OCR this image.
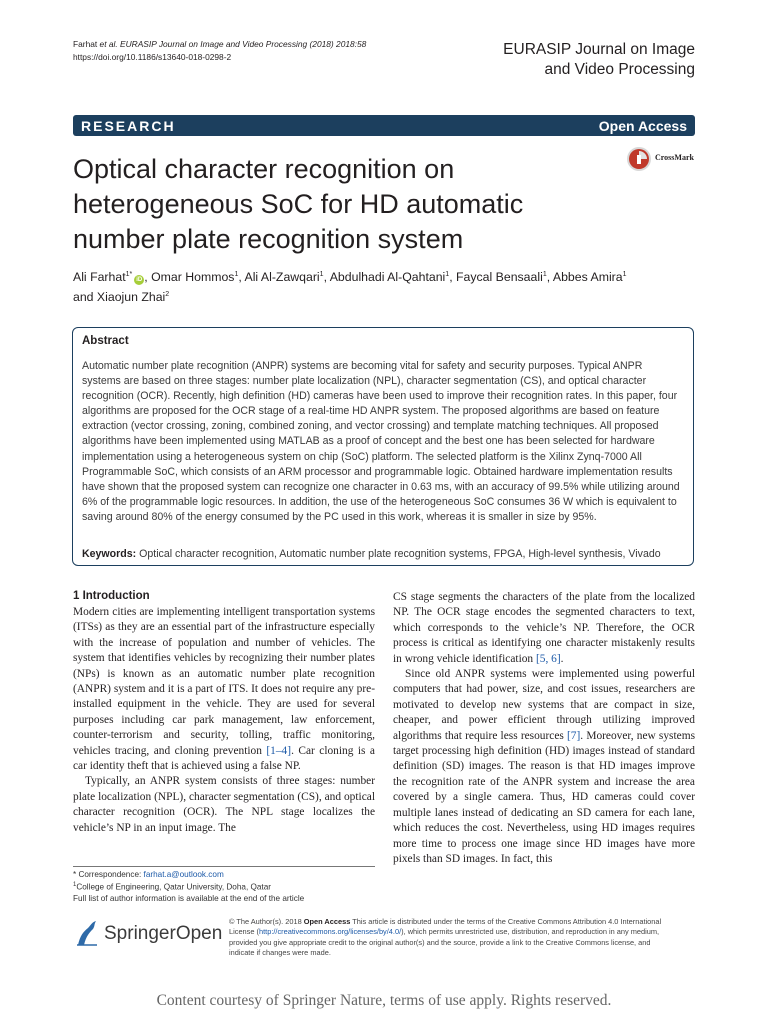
Farhat et al. EURASIP Journal on Image and Video Processing (2018) 2018:58
https://doi.org/10.1186/s13640-018-0298-2	EURASIP Journal on Image
and Video Processing
RESEARCH	Open Access
Optical character recognition on heterogeneous SoC for HD automatic number plate recognition system
CrossMark
Ali Farhat$^{1*}$iD , Omar Hommos$^1$, Ali Al-Zawqari$^1$, Abdulhadi Al-Qahtani$^1$, Faycal Bensaali$^1$, Abbes Amira$^1$
and Xiaojun Zhai$^2$
Abstract
Automatic number plate recognition (ANPR) systems are becoming vital for safety and security purposes. Typical ANPR systems are based on three stages: number plate localization (NPL), character segmentation (CS), and optical character recognition (OCR). Recently, high definition (HD) cameras have been used to improve their recognition rates. In this paper, four algorithms are proposed for the OCR stage of a real-time HD ANPR system. The proposed algorithms are based on feature extraction (vector crossing, zoning, combined zoning, and vector crossing) and template matching techniques. All proposed algorithms have been implemented using MATLAB as a proof of concept and the best one has been selected for hardware implementation using a heterogeneous system on chip (SoC) platform. The selected platform is the Xilinx Zynq-7000 All Programmable SoC, which consists of an ARM processor and programmable logic. Obtained hardware implementation results have shown that the proposed system can recognize one character in 0.63 ms, with an accuracy of 99.5% while utilizing around 6% of the programmable logic resources. In addition, the use of the heterogeneous SoC consumes 36 W which is equivalent to saving around 80% of the energy consumed by the PC used in this work, whereas it is smaller in size by 95%.
Keywords: Optical character recognition, Automatic number plate recognition systems, FPGA, High-level synthesis, Vivado
1 Introduction

Modern cities are implementing intelligent transportation systems (ITSs) as they are an essential part of the infrastructure especially with the increase of population and number of vehicles. The system that identifies vehicles by recognizing their number plates (NPs) is known as an automatic number plate recognition (ANPR) system and it is a part of ITS. It does not require any pre-installed equipment in the vehicle. They are used for several purposes including car park management, law enforcement, counter-terrorism and security, tolling, traffic monitoring, vehicles tracing, and cloning prevention [1–4]. Car cloning is a car identity theft that is achieved using a false NP.

Typically, an ANPR system consists of three stages: number plate localization (NPL), character segmentation (CS), and optical character recognition (OCR). The NPL stage localizes the vehicle’s NP in an input image. The

CS stage segments the characters of the plate from the localized NP. The OCR stage encodes the segmented characters to text, which corresponds to the vehicle’s NP. Therefore, the OCR process is critical as identifying one character mistakenly results in wrong vehicle identification [5, 6].

Since old ANPR systems were implemented using powerful computers that had power, size, and cost issues, researchers are motivated to develop new systems that are compact in size, cheaper, and power efficient through utilizing improved algorithms that require less resources [7]. Moreover, new systems target processing high definition (HD) images instead of standard definition (SD) images. The reason is that HD images improve the recognition rate of the ANPR system and increase the area covered by a single camera. Thus, HD cameras could cover multiple lanes instead of dedicating an SD camera for each lane, which reduces the cost. Nevertheless, using HD images requires more time to process one image since HD images have more pixels than SD images. In fact, this

* Correspondence: farhat.a@outlook.com
$^1$College of Engineering, Qatar University, Doha, Qatar
Full list of author information is available at the end of the article
SpringerOpen
© The Author(s). 2018 Open Access This article is distributed under the terms of the Creative Commons Attribution 4.0 International License (http://creativecommons.org/licenses/by/4.0/), which permits unrestricted use, distribution, and reproduction in any medium, provided you give appropriate credit to the original author(s) and the source, provide a link to the Creative Commons license, and indicate if changes were made.
Content courtesy of Springer Nature, terms of use apply. Rights reserved.
